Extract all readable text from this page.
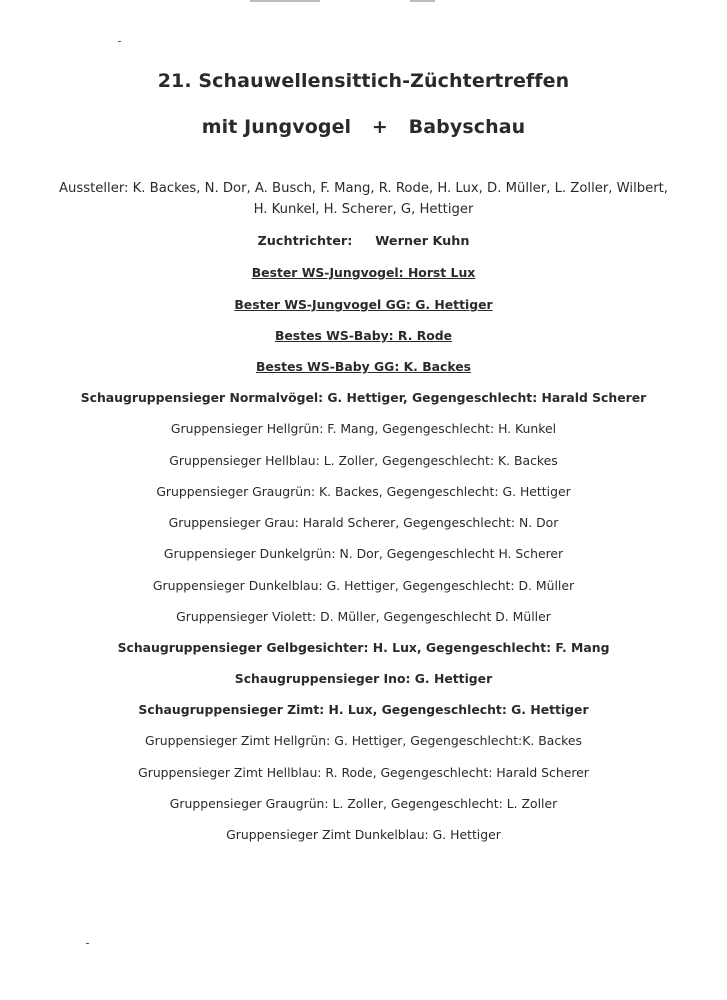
21. Schauwellensittich-Züchtertreffen
mit Jungvogel + Babyschau
Aussteller: K. Backes, N. Dor, A. Busch, F. Mang, R. Rode, H. Lux, D. Müller, L. Zoller, Wilbert,
H. Kunkel, H. Scherer, G, Hettiger
Zuchtrichter: Werner Kuhn
Bester WS-Jungvogel: Horst Lux
Bester WS-Jungvogel GG: G. Hettiger
Bestes WS-Baby: R. Rode
Bestes WS-Baby GG: K. Backes
Schaugruppensieger Normalvögel: G. Hettiger, Gegengeschlecht: Harald Scherer
Gruppensieger Hellgrün: F. Mang, Gegengeschlecht: H. Kunkel
Gruppensieger Hellblau: L. Zoller, Gegengeschlecht: K. Backes
Gruppensieger Graugrün: K. Backes, Gegengeschlecht: G. Hettiger
Gruppensieger Grau: Harald Scherer, Gegengeschlecht: N. Dor
Gruppensieger Dunkelgrün: N. Dor, Gegengeschlecht H. Scherer
Gruppensieger Dunkelblau: G. Hettiger, Gegengeschlecht: D. Müller
Gruppensieger Violett: D. Müller, Gegengeschlecht D. Müller
Schaugruppensieger Gelbgesichter: H. Lux, Gegengeschlecht: F. Mang
Schaugruppensieger Ino: G. Hettiger
Schaugruppensieger Zimt: H. Lux, Gegengeschlecht: G. Hettiger
Gruppensieger Zimt Hellgrün: G. Hettiger, Gegengeschlecht:K. Backes
Gruppensieger Zimt Hellblau: R. Rode, Gegengeschlecht: Harald Scherer
Gruppensieger Graugrün: L. Zoller, Gegengeschlecht: L. Zoller
Gruppensieger Zimt Dunkelblau: G. Hettiger
